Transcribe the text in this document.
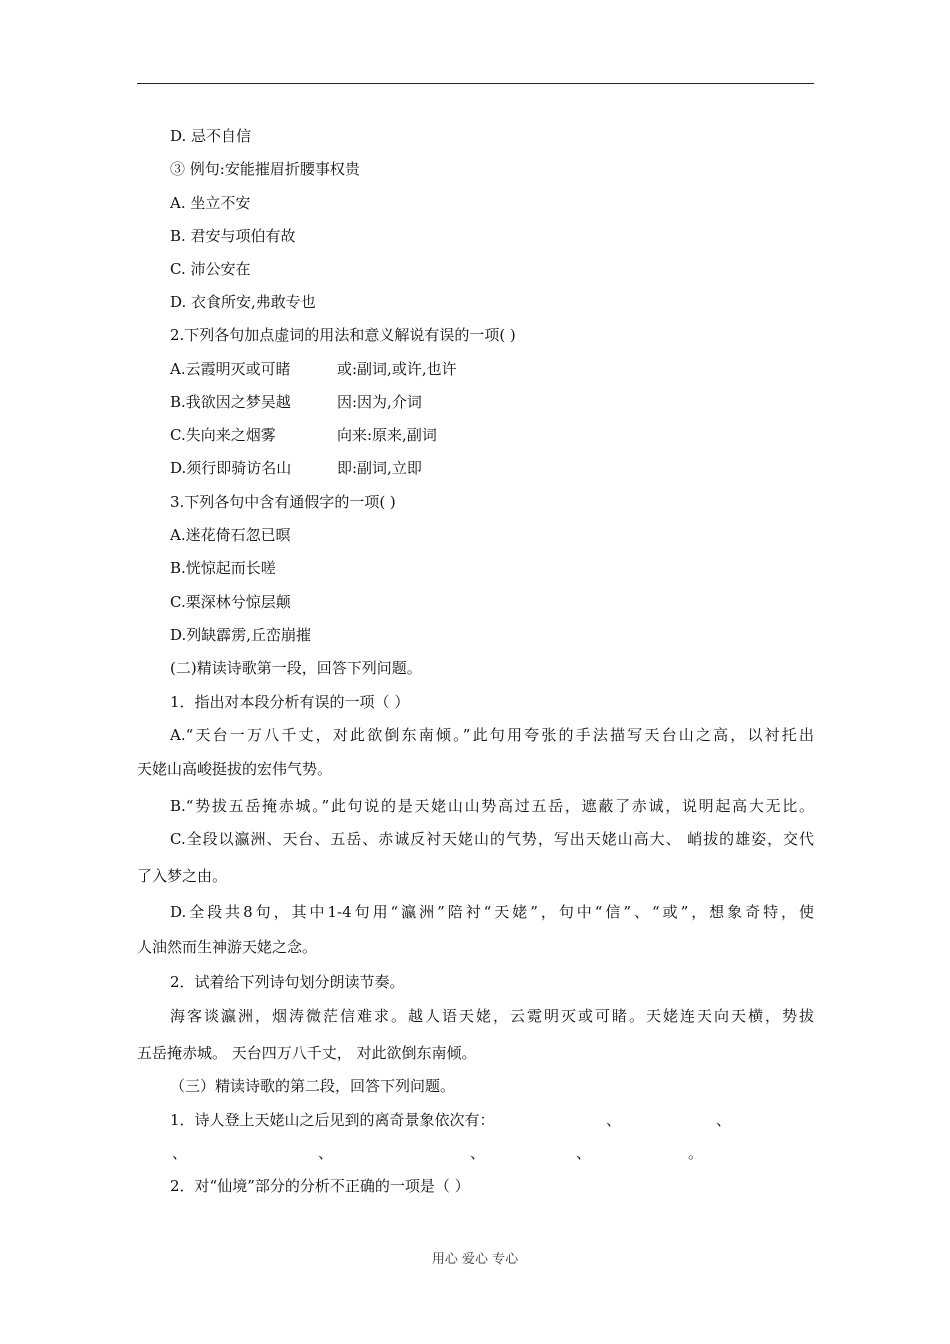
D. 忌不自信
③ 例句:安能摧眉折腰事权贵
A. 坐立不安
B. 君安与项伯有故
C. 沛公安在
D. 衣食所安,弗敢专也
2.下列各句加点虚词的用法和意义解说有误的一项( )
A.云霞明灭或可睹	或:副词,或许,也许
B.我欲因之梦吴越	因:因为,介词
C.失向来之烟雾	向来:原来,副词
D.须行即骑访名山	即:副词,立即
3.下列各句中含有通假字的一项( )
A.迷花倚石忽已暝
B.恍惊起而长嗟
C.栗深林兮惊层颠
D.列缺霹雳,丘峦崩摧
(二)精读诗歌第一段，回答下列问题。
1．指出对本段分析有误的一项（ ）
A.“天台一万八千丈，对此欲倒东南倾。”此句用夸张的手法描写天台山之高，以衬托出
天姥山高峻挺拔的宏伟气势。
B.“势拔五岳掩赤城。”此句说的是天姥山山势高过五岳，遮蔽了赤诚，说明起高大无比。
C.全段以瀛洲、天台、五岳、赤诚反衬天姥山的气势，写出天姥山高大、 峭拔的雄姿，交代
了入梦之由。
D.全段共8句，其中1-4句用“瀛洲”陪衬“天姥”，句中“信”、“或”，想象奇特，使
人油然而生神游天姥之念。
2．试着给下列诗句划分朗读节奏。
海客谈瀛洲，烟涛微茫信难求。越人语天姥，云霓明灭或可睹。天姥连天向天横，势拔
五岳掩赤城。 天台四万八千丈， 对此欲倒东南倾。
（三）精读诗歌的第二段，回答下列问题。
1．诗人登上天姥山之后见到的离奇景象依次有：	、	、
、	、	、	、	。
2．对“仙境”部分的分析不正确的一项是（ ）
用心 爱心 专心
